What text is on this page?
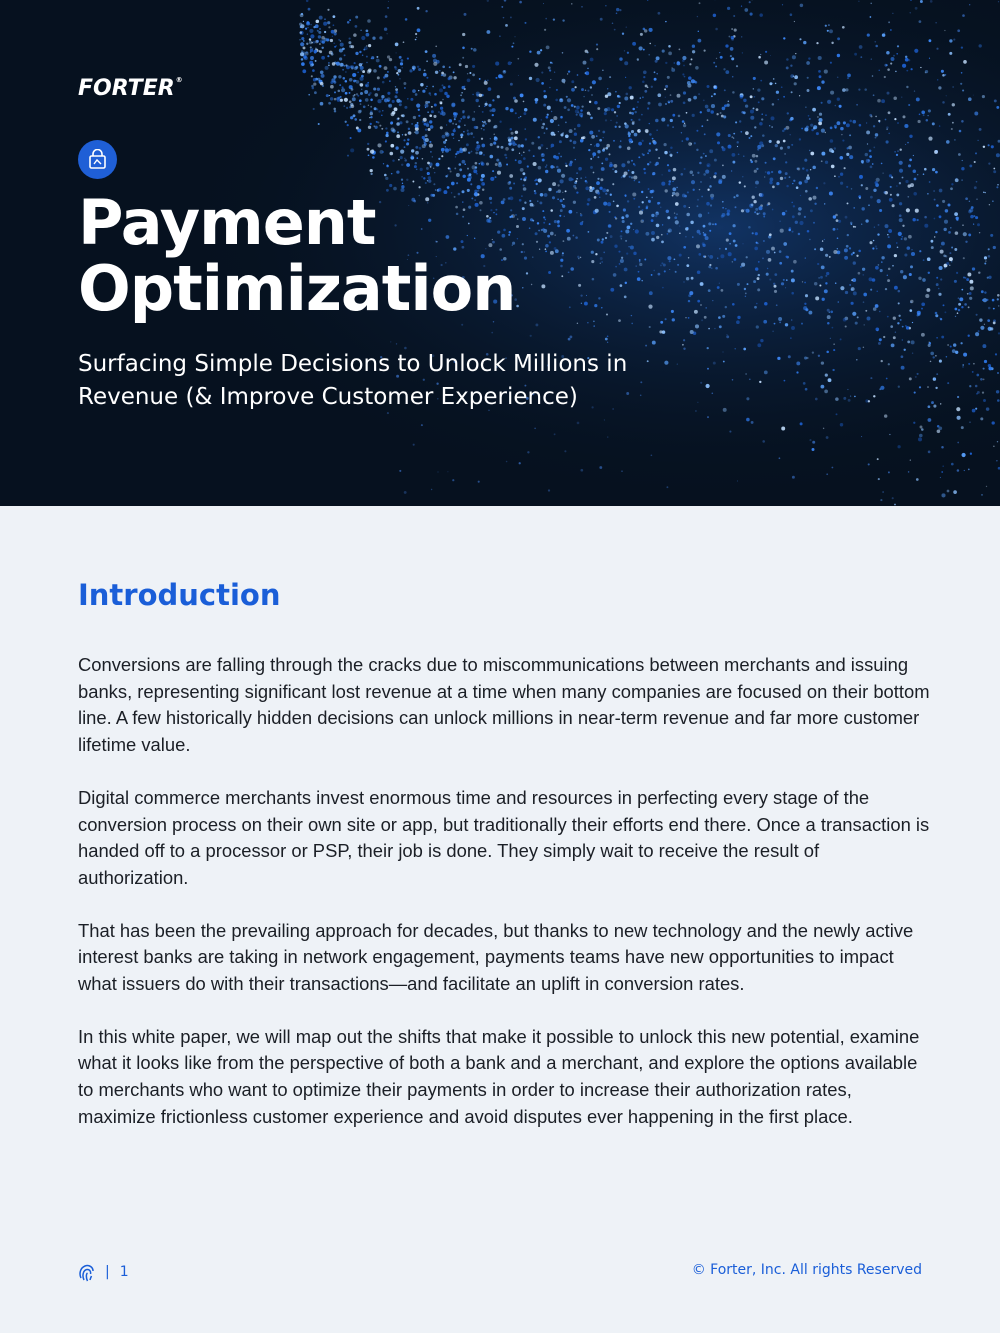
FORTER®
Payment
Optimization
Surfacing Simple Decisions to Unlock Millions in
Revenue (& Improve Customer Experience)
Introduction

Conversions are falling through the cracks due to miscommunications between merchants and issuing banks, representing significant lost revenue at a time when many companies are focused on their bottom line. A few historically hidden decisions can unlock millions in near-term revenue and far more customer lifetime value.

Digital commerce merchants invest enormous time and resources in perfecting every stage of the conversion process on their own site or app, but traditionally their efforts end there. Once a transaction is handed off to a processor or PSP, their job is done. They simply wait to receive the result of authorization.

That has been the prevailing approach for decades, but thanks to new technology and the newly active interest banks are taking in network engagement, payments teams have new opportunities to impact what issuers do with their transactions—and facilitate an uplift in conversion rates.

In this white paper, we will map out the shifts that make it possible to unlock this new potential, examine what it looks like from the perspective of both a bank and a merchant, and explore the options available to merchants who want to optimize their payments in order to increase their authorization rates, maximize frictionless customer experience and avoid disputes ever happening in the first place.

| 1	© Forter, Inc. All rights Reserved
